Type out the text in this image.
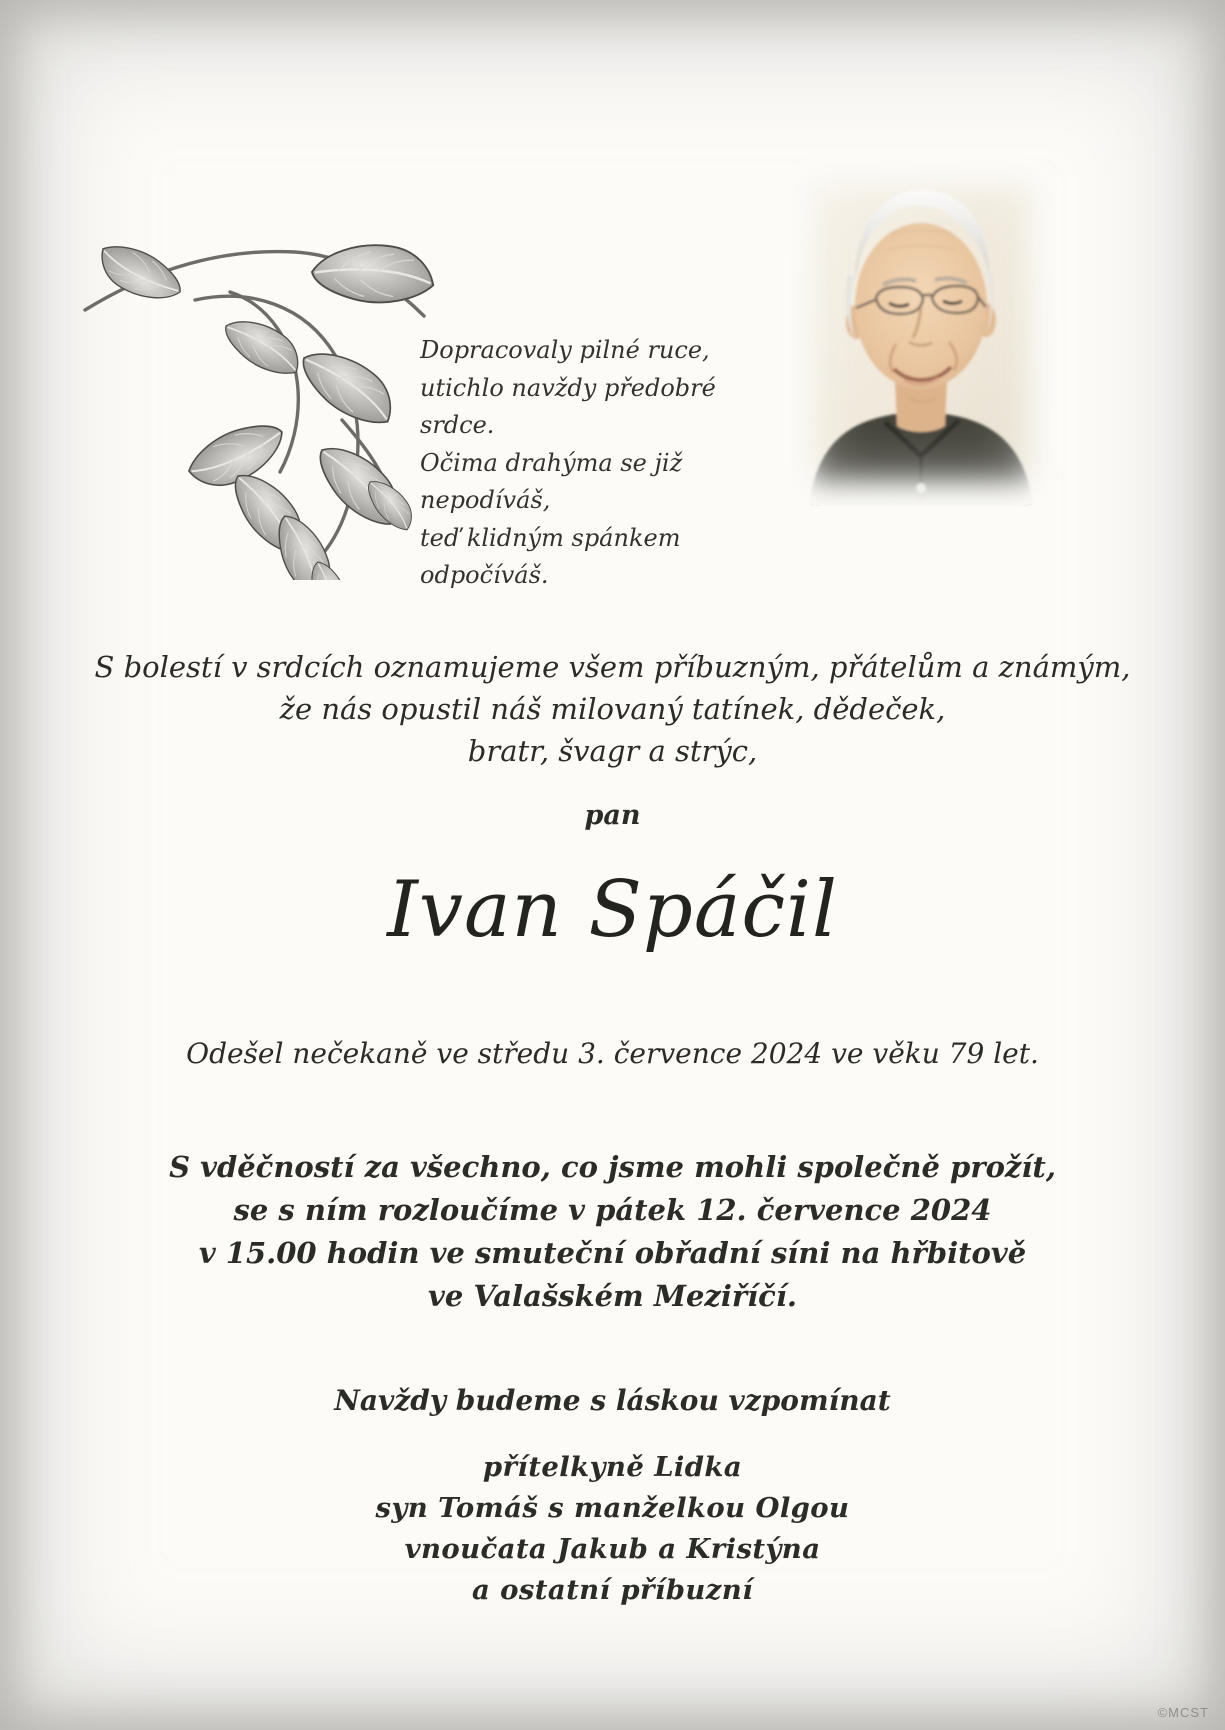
Dopracovaly pilné ruce,
utichlo navždy předobré srdce.
Očima drahýma se již nepodíváš,
teď klidným spánkem odpočíváš.
S bolestí v srdcích oznamujeme všem příbuzným, přátelům a známým,
že nás opustil náš milovaný tatínek, dědeček,
bratr, švagr a strýc,
pan
Ivan Spáčil
Odešel nečekaně ve středu 3. července 2024 ve věku 79 let.
S vděčností za všechno, co jsme mohli společně prožít,
se s ním rozloučíme v pátek 12. července 2024
v 15.00 hodin ve smuteční obřadní síni na hřbitově
ve Valašském Meziříčí.
Navždy budeme s láskou vzpomínat
přítelkyně Lidka
syn Tomáš s manželkou Olgou
vnoučata Jakub a Kristýna
a ostatní příbuzní
©MCST
